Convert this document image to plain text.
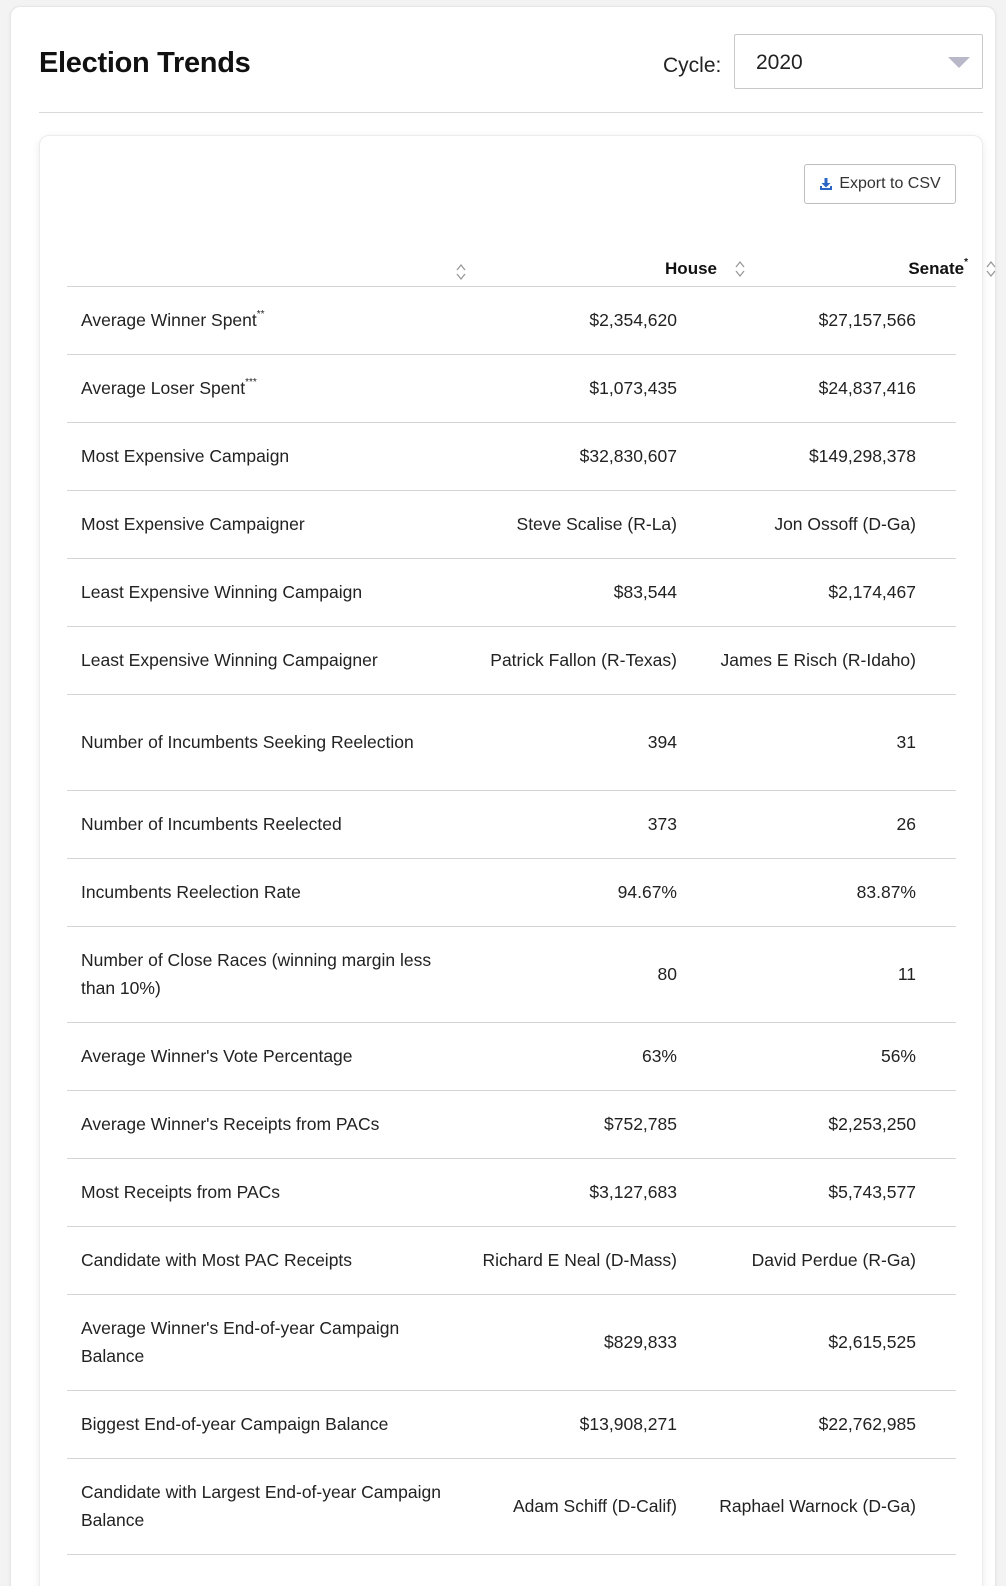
Election Trends	Cycle: 2020
Export to CSV

House	Senate*

Average Winner Spent**	$2,354,620	$27,157,566
Average Loser Spent***	$1,073,435	$24,837,416
Most Expensive Campaign	$32,830,607	$149,298,378
Most Expensive Campaigner	Steve Scalise (R-La)	Jon Ossoff (D-Ga)
Least Expensive Winning Campaign	$83,544	$2,174,467
Least Expensive Winning Campaigner	Patrick Fallon (R-Texas)	James E Risch (R-Idaho)
Number of Incumbents Seeking Reelection	394	31
Number of Incumbents Reelected	373	26
Incumbents Reelection Rate	94.67%	83.87%
Number of Close Races (winning margin less than 10%)	80	11
Average Winner's Vote Percentage	63%	56%
Average Winner's Receipts from PACs	$752,785	$2,253,250
Most Receipts from PACs	$3,127,683	$5,743,577
Candidate with Most PAC Receipts	Richard E Neal (D-Mass)	David Perdue (R-Ga)
Average Winner's End-of-year Campaign Balance	$829,833	$2,615,525
Biggest End-of-year Campaign Balance	$13,908,271	$22,762,985
Candidate with Largest End-of-year Campaign Balance	Adam Schiff (D-Calif)	Raphael Warnock (D-Ga)
